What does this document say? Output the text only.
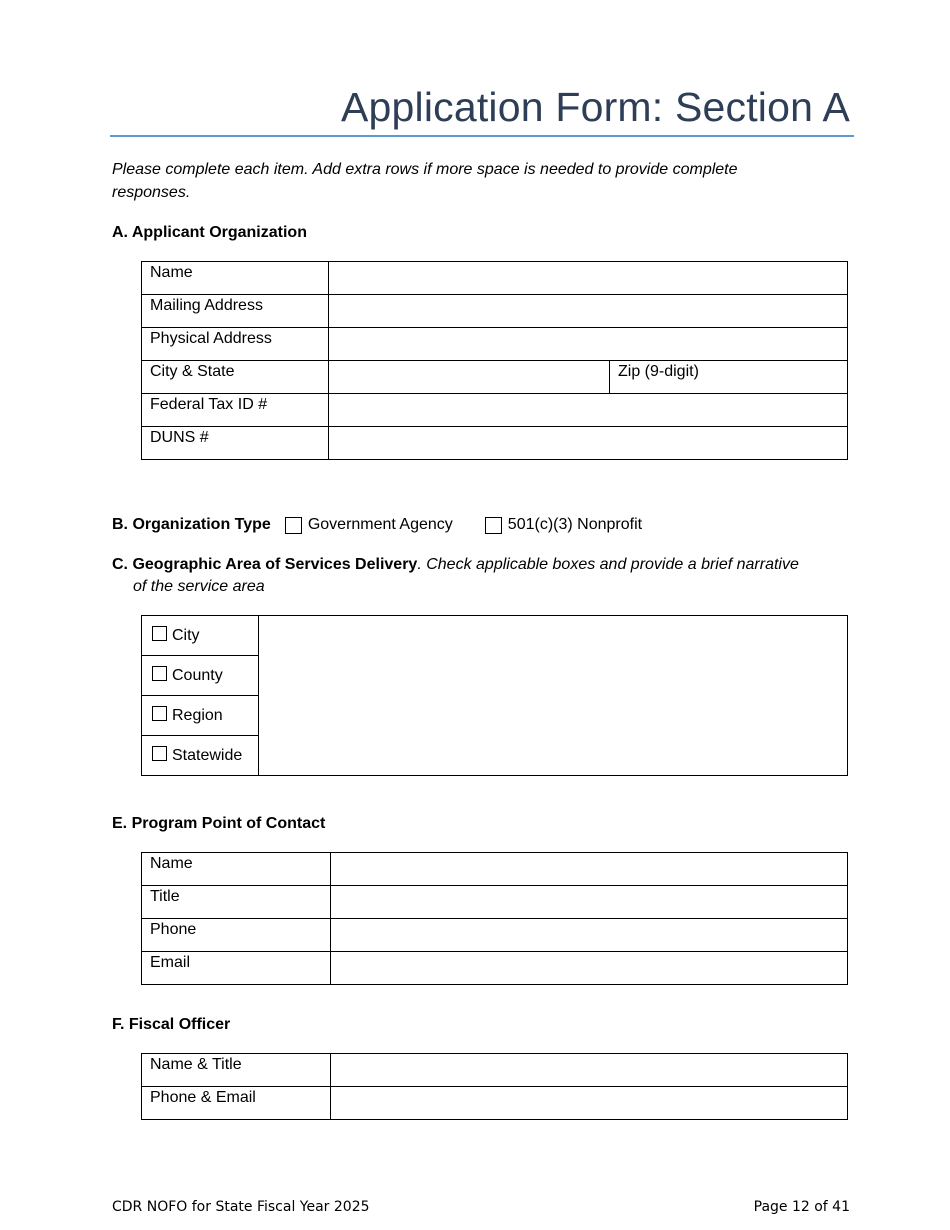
Application Form: Section A
Please complete each item. Add extra rows if more space is needed to provide complete responses.
A. Applicant Organization
Name		
Mailing Address		
Physical Address		
City & State		Zip (9-digit)
Federal Tax ID #		
DUNS #		
B. Organization Type Government Agency	501(c)(3) Nonprofit
C. Geographic Area of Services Delivery. Check applicable boxes and provide a brief narrative
of the service area
City	
County
Region
Statewide
E. Program Point of Contact
Name	
Title	
Phone	
Email	
F. Fiscal Officer
Name & Title	
Phone & Email	
CDR NOFO for State Fiscal Year 2025	Page 12 of 41
